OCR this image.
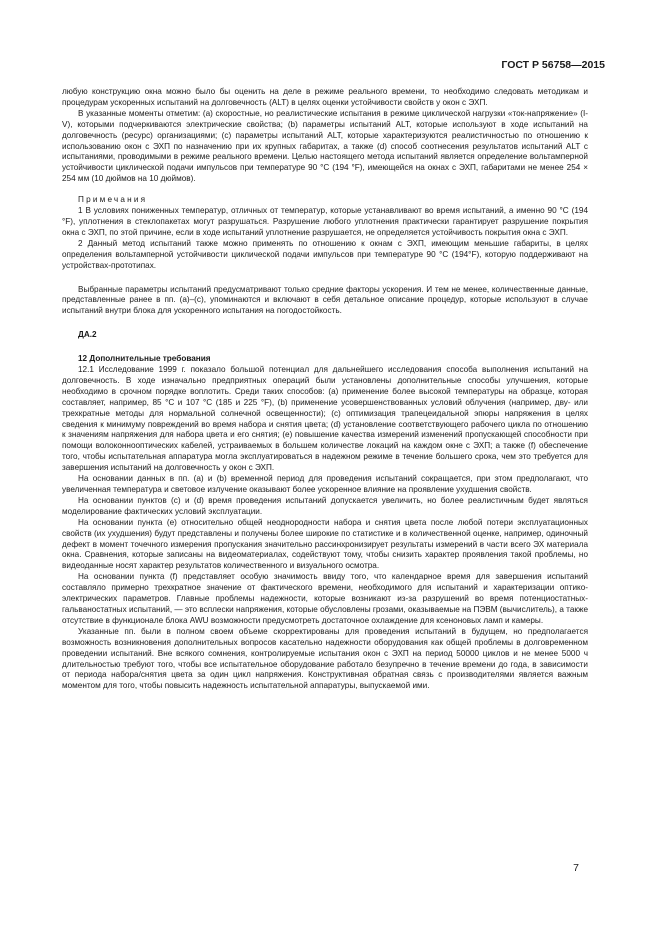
ГОСТ Р 56758—2015

любую конструкцию окна можно было бы оценить на деле в режиме реального времени, то необходимо следовать методикам и процедурам ускоренных испытаний на долговечность (ALT) в целях оценки устойчивости свойств у окон с ЭХП.

В указанные моменты отметим: (а) скоростные, но реалистические испытания в режиме циклической нагрузки «ток-напряжение» (I-V), которыми подчеркиваются электрические свойства; (b) параметры испытаний ALT, которые используют в ходе испытаний на долговечность (ресурс) организациями; (с) параметры испытаний ALT, которые характеризуются реалистичностью по отношению к использованию окон с ЭХП по назначению при их крупных габаритах, а также (d) способ соотнесения результатов испытаний ALT с испытаниями, проводимыми в режиме реального времени. Целью настоящего метода испытаний является определение вольтамперной устойчивости циклической подачи импульсов при температуре 90 °C (194 °F), имеющейся на окнах с ЭХП, габаритами не менее 254 × 254 мм (10 дюймов на 10 дюймов).

Примечания

1 В условиях пониженных температур, отличных от температур, которые устанавливают во время испытаний, а именно 90 °C (194 °F), уплотнения в стеклопакетах могут разрушаться. Разрушение любого уплотнения практически гарантирует разрушение покрытия окна с ЭХП, по этой причине, если в ходе испытаний уплотнение разрушается, не определяется устойчивость покрытия окна с ЭХП.

2 Данный метод испытаний также можно применять по отношению к окнам с ЭХП, имеющим меньшие габариты, в целях определения вольтамперной устойчивости циклической подачи импульсов при температуре 90 °C (194°F), которую поддерживают на устройствах-прототипах.

Выбранные параметры испытаний предусматривают только средние факторы ускорения. И тем не менее, количественные данные, представленные ранее в пп. (а)–(с), упоминаются и включают в себя детальное описание процедур, которые используют в случае испытаний внутри блока для ускоренного испытания на погодостойкость.

ДА.2

12 Дополнительные требования

12.1 Исследование 1999 г. показало большой потенциал для дальнейшего исследования способа выполнения испытаний на долговечность. В ходе изначально предприятных операций были установлены дополнительные способы улучшения, которые необходимо в срочном порядке воплотить. Среди таких способов: (а) применение более высокой температуры на образце, которая составляет, например, 85 °C и 107 °C (185 и 225 °F), (b) применение усовершенствованных условий облучения (например, дву- или трехкратные методы для нормальной солнечной освещенности); (с) оптимизация трапецеидальной эпюры напряжения в целях сведения к минимуму повреждений во время набора и снятия цвета; (d) установление соответствующего рабочего цикла по отношению к значениям напряжения для набора цвета и его снятия; (е) повышение качества измерений изменений пропускающей способности при помощи волоконнооптических кабелей, устраиваемых в большем количестве локаций на каждом окне с ЭХП; а также (f) обеспечение того, чтобы испытательная аппаратура могла эксплуатироваться в надежном режиме в течение большего срока, чем это требуется для завершения испытаний на долговечность у окон с ЭХП.

На основании данных в пп. (а) и (b) временной период для проведения испытаний сокращается, при этом предполагают, что увеличенная температура и световое излучение оказывают более ускоренное влияние на проявление ухудшения свойств.

На основании пунктов (с) и (d) время проведения испытаний допускается увеличить, но более реалистичным будет являться моделирование фактических условий эксплуатации.

На основании пункта (е) относительно общей неоднородности набора и снятия цвета после любой потери эксплуатационных свойств (их ухудшения) будут представлены и получены более широкие по статистике и в количественной оценке, например, одиночный дефект в момент точечного измерения пропускания значительно рассинхронизирует результаты измерений в части всего ЭХ материала окна. Сравнения, которые записаны на видеоматериалах, содействуют тому, чтобы снизить характер проявления такой проблемы, но видеоданные носят характер результатов количественного и визуального осмотра.

На основании пункта (f) представляет особую значимость ввиду того, что календарное время для завершения испытаний составляло примерно трехкратное значение от фактического времени, необходимого для испытаний и характеризации оптико-электрических параметров. Главные проблемы надежности, которые возникают из-за разрушений во время потенциостатных-гальваностатных испытаний, — это всплески напряжения, которые обусловлены грозами, оказываемые на ПЭВМ (вычислитель), а также отсутствие в функционале блока AWU возможности предусмотреть достаточное охлаждение для ксеноновых ламп и камеры.

Указанные пп. были в полном своем объеме скорректированы для проведения испытаний в будущем, но предполагается возможность возникновения дополнительных вопросов касательно надежности оборудования как общей проблемы в долговременном проведении испытаний. Вне всякого сомнения, контролируемые испытания окон с ЭХП на период 50000 циклов и не менее 5000 ч длительностью требуют того, чтобы все испытательное оборудование работало безупречно в течение времени до года, в зависимости от периода набора/снятия цвета за один цикл напряжения. Конструктивная обратная связь с производителями является важным моментом для того, чтобы повысить надежность испытательной аппаратуры, выпускаемой ими.

7
